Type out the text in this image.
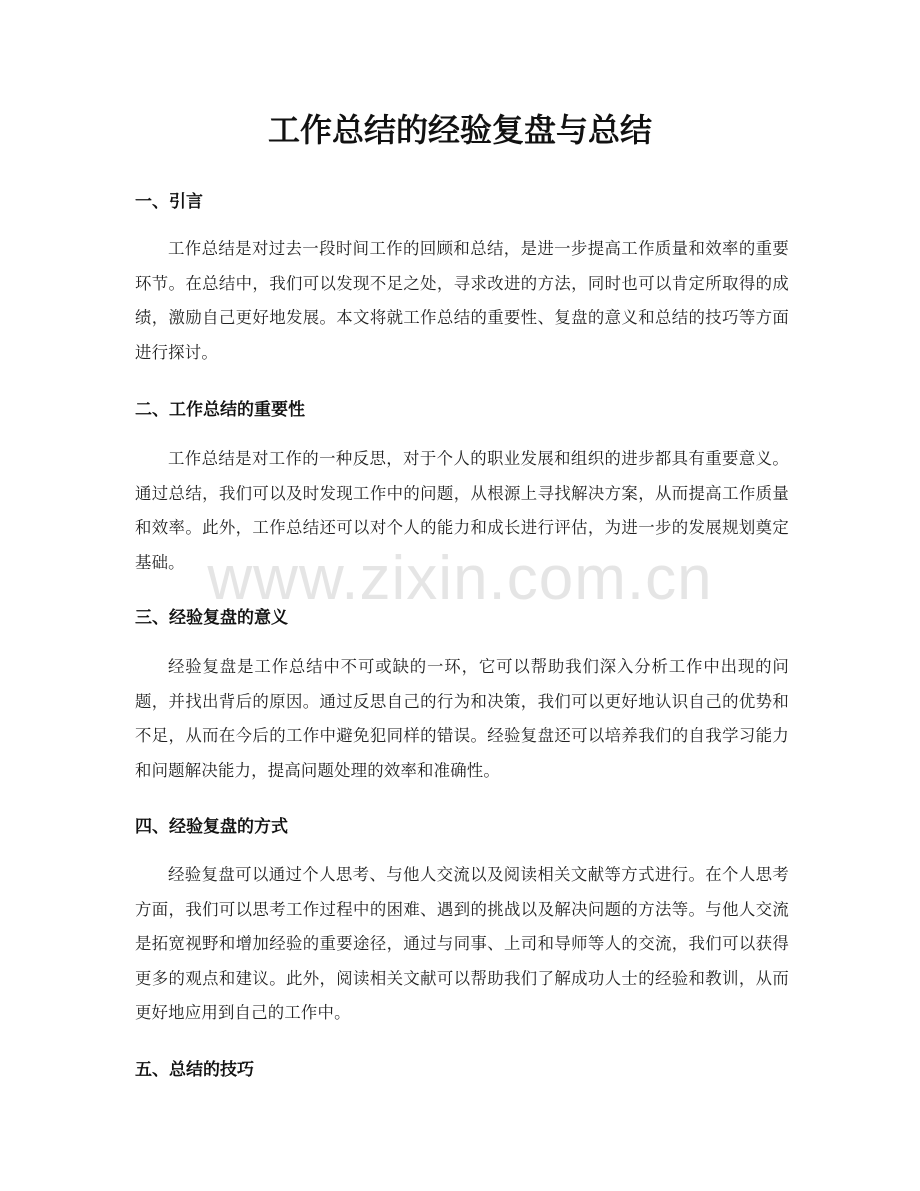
工作总结的经验复盘与总结
一、引言

工作总结是对过去一段时间工作的回顾和总结，是进一步提高工作质量和效率的重要环节。在总结中，我们可以发现不足之处，寻求改进的方法，同时也可以肯定所取得的成绩，激励自己更好地发展。本文将就工作总结的重要性、复盘的意义和总结的技巧等方面进行探讨。

二、工作总结的重要性

工作总结是对工作的一种反思，对于个人的职业发展和组织的进步都具有重要意义。通过总结，我们可以及时发现工作中的问题，从根源上寻找解决方案，从而提高工作质量和效率。此外，工作总结还可以对个人的能力和成长进行评估，为进一步的发展规划奠定基础。

三、经验复盘的意义

经验复盘是工作总结中不可或缺的一环，它可以帮助我们深入分析工作中出现的问题，并找出背后的原因。通过反思自己的行为和决策，我们可以更好地认识自己的优势和不足，从而在今后的工作中避免犯同样的错误。经验复盘还可以培养我们的自我学习能力和问题解决能力，提高问题处理的效率和准确性。

四、经验复盘的方式

经验复盘可以通过个人思考、与他人交流以及阅读相关文献等方式进行。在个人思考方面，我们可以思考工作过程中的困难、遇到的挑战以及解决问题的方法等。与他人交流是拓宽视野和增加经验的重要途径，通过与同事、上司和导师等人的交流，我们可以获得更多的观点和建议。此外，阅读相关文献可以帮助我们了解成功人士的经验和教训，从而更好地应用到自己的工作中。

五、总结的技巧
www.zixin.com.cn
